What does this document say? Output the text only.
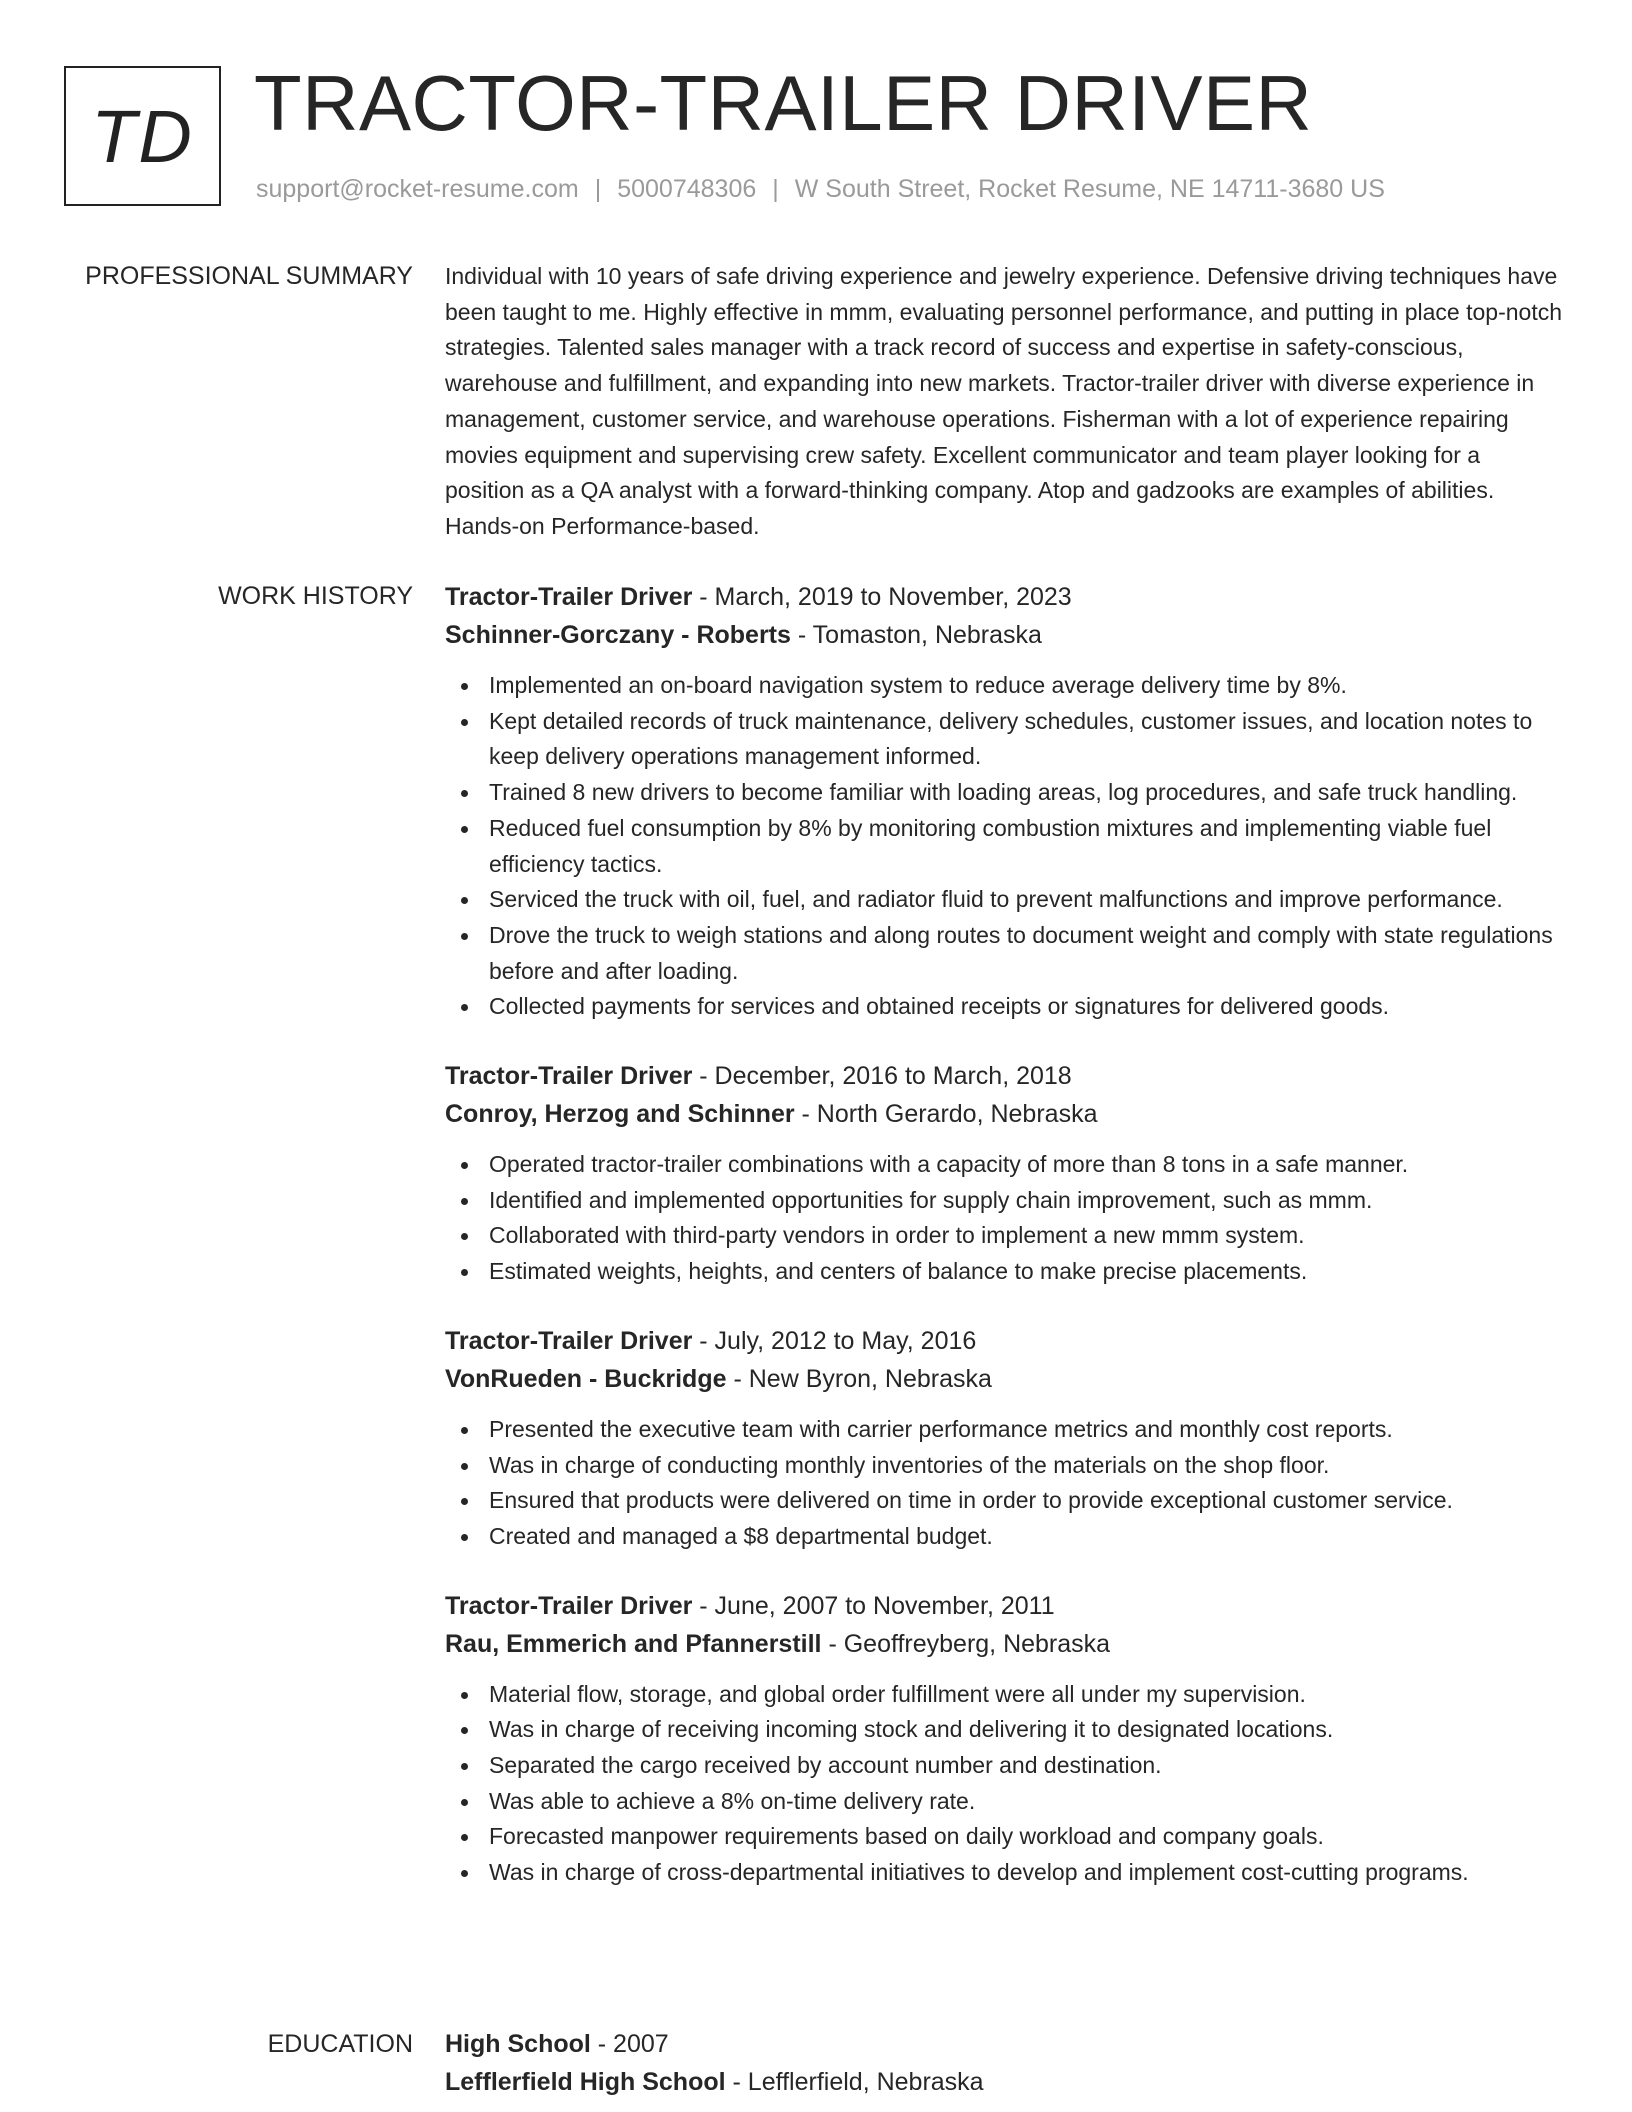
TD TRACTOR-TRAILER DRIVER
support@rocket-resume.com | 5000748306 | W South Street, Rocket Resume, NE 14711-3680 US
PROFESSIONAL SUMMARY Individual with 10 years of safe driving experience and jewelry experience. Defensive driving techniques have been taught to me. Highly effective in mmm, evaluating personnel performance, and putting in place top-notch strategies. Talented sales manager with a track record of success and expertise in safety-conscious, warehouse and fulfillment, and expanding into new markets. Tractor-trailer driver with diverse experience in management, customer service, and warehouse operations. Fisherman with a lot of experience repairing movies equipment and supervising crew safety. Excellent communicator and team player looking for a position as a QA analyst with a forward-thinking company. Atop and gadzooks are examples of abilities. Hands-on Performance-based.

WORK HISTORY Tractor-Trailer Driver - March, 2019 to November, 2023
Schinner-Gorczany - Roberts - Tomaston, Nebraska
Implemented an on-board navigation system to reduce average delivery time by 8%.
Kept detailed records of truck maintenance, delivery schedules, customer issues, and location notes to keep delivery operations management informed.
Trained 8 new drivers to become familiar with loading areas, log procedures, and safe truck handling.
Reduced fuel consumption by 8% by monitoring combustion mixtures and implementing viable fuel efficiency tactics.
Serviced the truck with oil, fuel, and radiator fluid to prevent malfunctions and improve performance.
Drove the truck to weigh stations and along routes to document weight and comply with state regulations before and after loading.
Collected payments for services and obtained receipts or signatures for delivered goods.
Tractor-Trailer Driver - December, 2016 to March, 2018
Conroy, Herzog and Schinner - North Gerardo, Nebraska
Operated tractor-trailer combinations with a capacity of more than 8 tons in a safe manner.
Identified and implemented opportunities for supply chain improvement, such as mmm.
Collaborated with third-party vendors in order to implement a new mmm system.
Estimated weights, heights, and centers of balance to make precise placements.
Tractor-Trailer Driver - July, 2012 to May, 2016
VonRueden - Buckridge - New Byron, Nebraska
Presented the executive team with carrier performance metrics and monthly cost reports.
Was in charge of conducting monthly inventories of the materials on the shop floor.
Ensured that products were delivered on time in order to provide exceptional customer service.
Created and managed a $8 departmental budget.
Tractor-Trailer Driver - June, 2007 to November, 2011
Rau, Emmerich and Pfannerstill - Geoffreyberg, Nebraska
Material flow, storage, and global order fulfillment were all under my supervision.
Was in charge of receiving incoming stock and delivering it to designated locations.
Separated the cargo received by account number and destination.
Was able to achieve a 8% on-time delivery rate.
Forecasted manpower requirements based on daily workload and company goals.
Was in charge of cross-departmental initiatives to develop and implement cost-cutting programs.
EDUCATION High School - 2007
Lefflerfield High School - Lefflerfield, Nebraska
